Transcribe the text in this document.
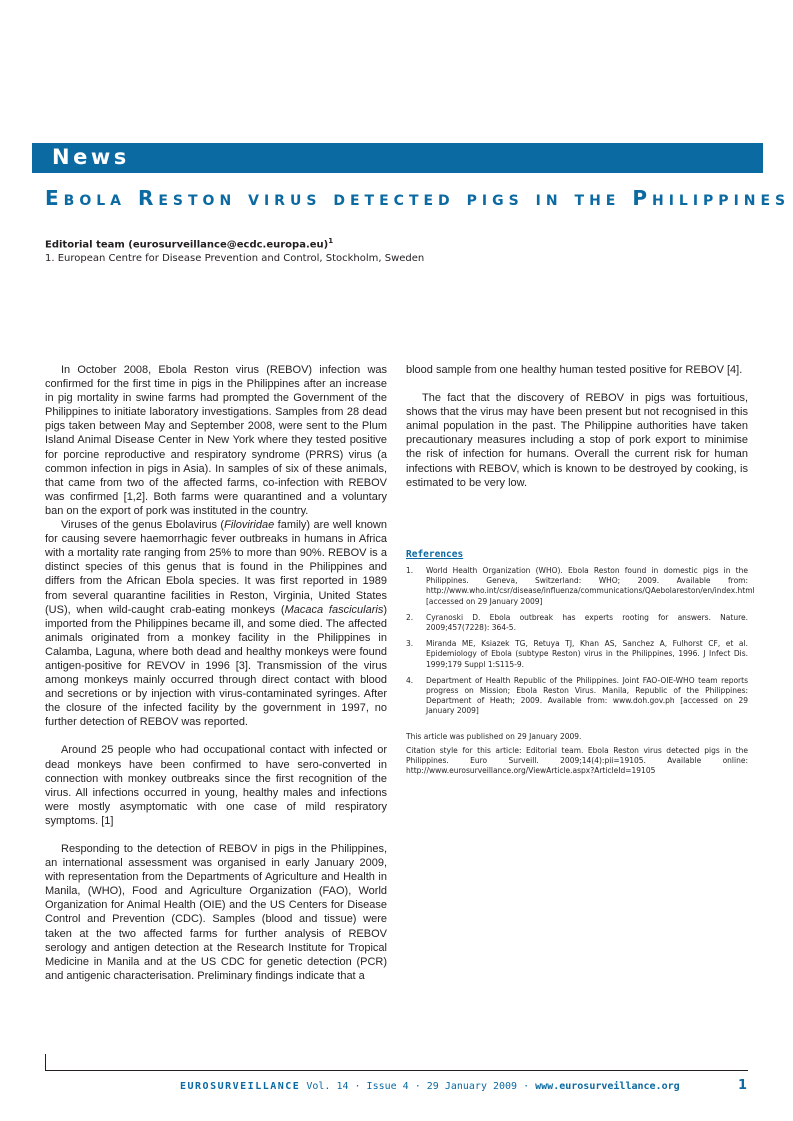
News
Ebola Reston virus detected pigs in the Philippines
Editorial team (eurosurveillance@ecdc.europa.eu)$^1$
1. European Centre for Disease Prevention and Control, Stockholm, Sweden

In October 2008, Ebola Reston virus (REBOV) infection was confirmed for the first time in pigs in the Philippines after an increase in pig mortality in swine farms had prompted the Government of the Philippines to initiate laboratory investigations. Samples from 28 dead pigs taken between May and September 2008, were sent to the Plum Island Animal Disease Center in New York where they tested positive for porcine reproductive and respiratory syndrome (PRRS) virus (a common infection in pigs in Asia). In samples of six of these animals, that came from two of the affected farms, co-infection with REBOV was confirmed [1,2]. Both farms were quarantined and a voluntary ban on the export of pork was instituted in the country.

Viruses of the genus Ebolavirus (Filoviridae family) are well known for causing severe haemorrhagic fever outbreaks in humans in Africa with a mortality rate ranging from 25% to more than 90%. REBOV is a distinct species of this genus that is found in the Philippines and differs from the African Ebola species. It was first reported in 1989 from several quarantine facilities in Reston, Virginia, United States (US), when wild-caught crab-eating monkeys (Macaca fascicularis) imported from the Philippines became ill, and some died. The affected animals originated from a monkey facility in the Philippines in Calamba, Laguna, where both dead and healthy monkeys were found antigen-positive for REVOV in 1996 [3]. Transmission of the virus among monkeys mainly occurred through direct contact with blood and secretions or by injection with virus-contaminated syringes. After the closure of the infected facility by the government in 1997, no further detection of REBOV was reported.

Around 25 people who had occupational contact with infected or dead monkeys have been confirmed to have sero-converted in connection with monkey outbreaks since the first recognition of the virus. All infections occurred in young, healthy males and infections were mostly asymptomatic with one case of mild respiratory symptoms. [1]

Responding to the detection of REBOV in pigs in the Philippines, an international assessment was organised in early January 2009, with representation from the Departments of Agriculture and Health in Manila, (WHO), Food and Agriculture Organization (FAO), World Organization for Animal Health (OIE) and the US Centers for Disease Control and Prevention (CDC). Samples (blood and tissue) were taken at the two affected farms for further analysis of REBOV serology and antigen detection at the Research Institute for Tropical Medicine in Manila and at the US CDC for genetic detection (PCR) and antigenic characterisation. Preliminary findings indicate that a

blood sample from one healthy human tested positive for REBOV [4].

The fact that the discovery of REBOV in pigs was fortuitious, shows that the virus may have been present but not recognised in this animal population in the past. The Philippine authorities have taken precautionary measures including a stop of pork export to minimise the risk of infection for humans. Overall the current risk for human infections with REBOV, which is known to be destroyed by cooking, is estimated to be very low.

References
1. World Health Organization (WHO). Ebola Reston found in domestic pigs in the Philippines. Geneva, Switzerland: WHO; 2009. Available from: http://www.who.int/csr/disease/influenza/communications/QAebolareston/en/index.html [accessed on 29 January 2009]
2. Cyranoski D. Ebola outbreak has experts rooting for answers. Nature. 2009;457(7228): 364-5.
3. Miranda ME, Ksiazek TG, Retuya TJ, Khan AS, Sanchez A, Fulhorst CF, et al. Epidemiology of Ebola (subtype Reston) virus in the Philippines, 1996. J Infect Dis. 1999;179 Suppl 1:S115-9.
4. Department of Health Republic of the Philippines. Joint FAO-OIE-WHO team reports progress on Mission; Ebola Reston Virus. Manila, Republic of the Philippines: Department of Heath; 2009. Available from: www.doh.gov.ph [accessed on 29 January 2009]
This article was published on 29 January 2009.
Citation style for this article: Editorial team. Ebola Reston virus detected pigs in the Philippines. Euro Surveill. 2009;14(4):pii=19105. Available online: http://www.eurosurveillance.org/ViewArticle.aspx?ArticleId=19105
EUROSURVEILLANCE Vol. 14 · Issue 4 · 29 January 2009 · www.eurosurveillance.org	1
